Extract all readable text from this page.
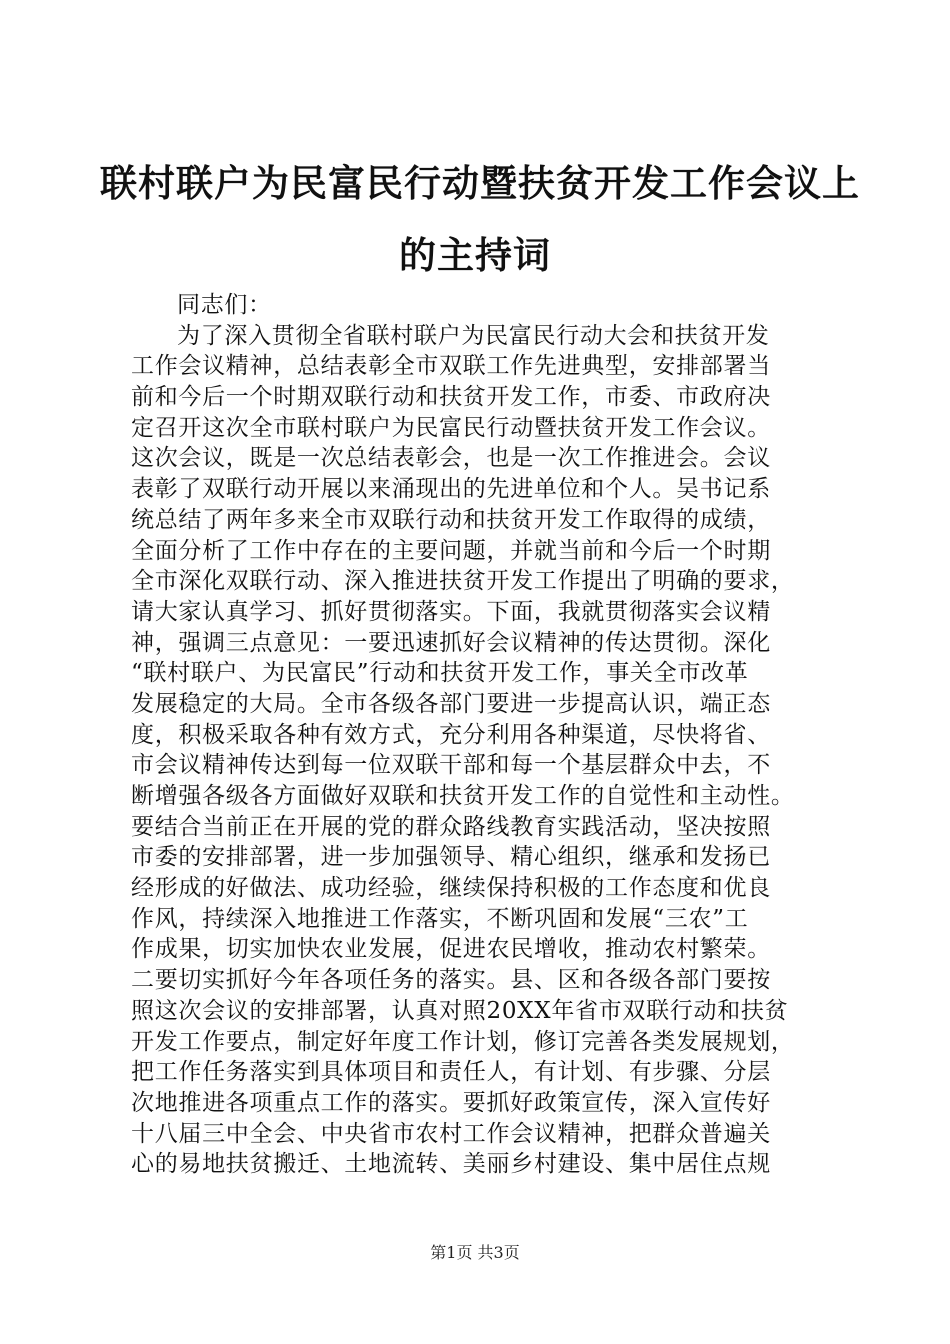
联村联户为民富民行动暨扶贫开发工作会议上
的主持词
同志们：
为了深入贯彻全省联村联户为民富民行动大会和扶贫开发
工作会议精神，总结表彰全市双联工作先进典型，安排部署当
前和今后一个时期双联行动和扶贫开发工作，市委、市政府决
定召开这次全市联村联户为民富民行动暨扶贫开发工作会议。
这次会议，既是一次总结表彰会，也是一次工作推进会。会议
表彰了双联行动开展以来涌现出的先进单位和个人。吴书记系
统总结了两年多来全市双联行动和扶贫开发工作取得的成绩，
全面分析了工作中存在的主要问题，并就当前和今后一个时期
全市深化双联行动、深入推进扶贫开发工作提出了明确的要求，
请大家认真学习、抓好贯彻落实。下面，我就贯彻落实会议精
神，强调三点意见：一要迅速抓好会议精神的传达贯彻。深化
“联村联户、为民富民”行动和扶贫开发工作，事关全市改革
发展稳定的大局。全市各级各部门要进一步提高认识，端正态
度，积极采取各种有效方式，充分利用各种渠道，尽快将省、
市会议精神传达到每一位双联干部和每一个基层群众中去，不
断增强各级各方面做好双联和扶贫开发工作的自觉性和主动性。
要结合当前正在开展的党的群众路线教育实践活动，坚决按照
市委的安排部署，进一步加强领导、精心组织，继承和发扬已
经形成的好做法、成功经验，继续保持积极的工作态度和优良
作风，持续深入地推进工作落实，不断巩固和发展“三农”工
作成果，切实加快农业发展，促进农民增收，推动农村繁荣。
二要切实抓好今年各项任务的落实。县、区和各级各部门要按
照这次会议的安排部署，认真对照20XX年省市双联行动和扶贫
开发工作要点，制定好年度工作计划，修订完善各类发展规划，
把工作任务落实到具体项目和责任人，有计划、有步骤、分层
次地推进各项重点工作的落实。要抓好政策宣传，深入宣传好
十八届三中全会、中央省市农村工作会议精神，把群众普遍关
心的易地扶贫搬迁、土地流转、美丽乡村建设、集中居住点规
第1页 共3页
